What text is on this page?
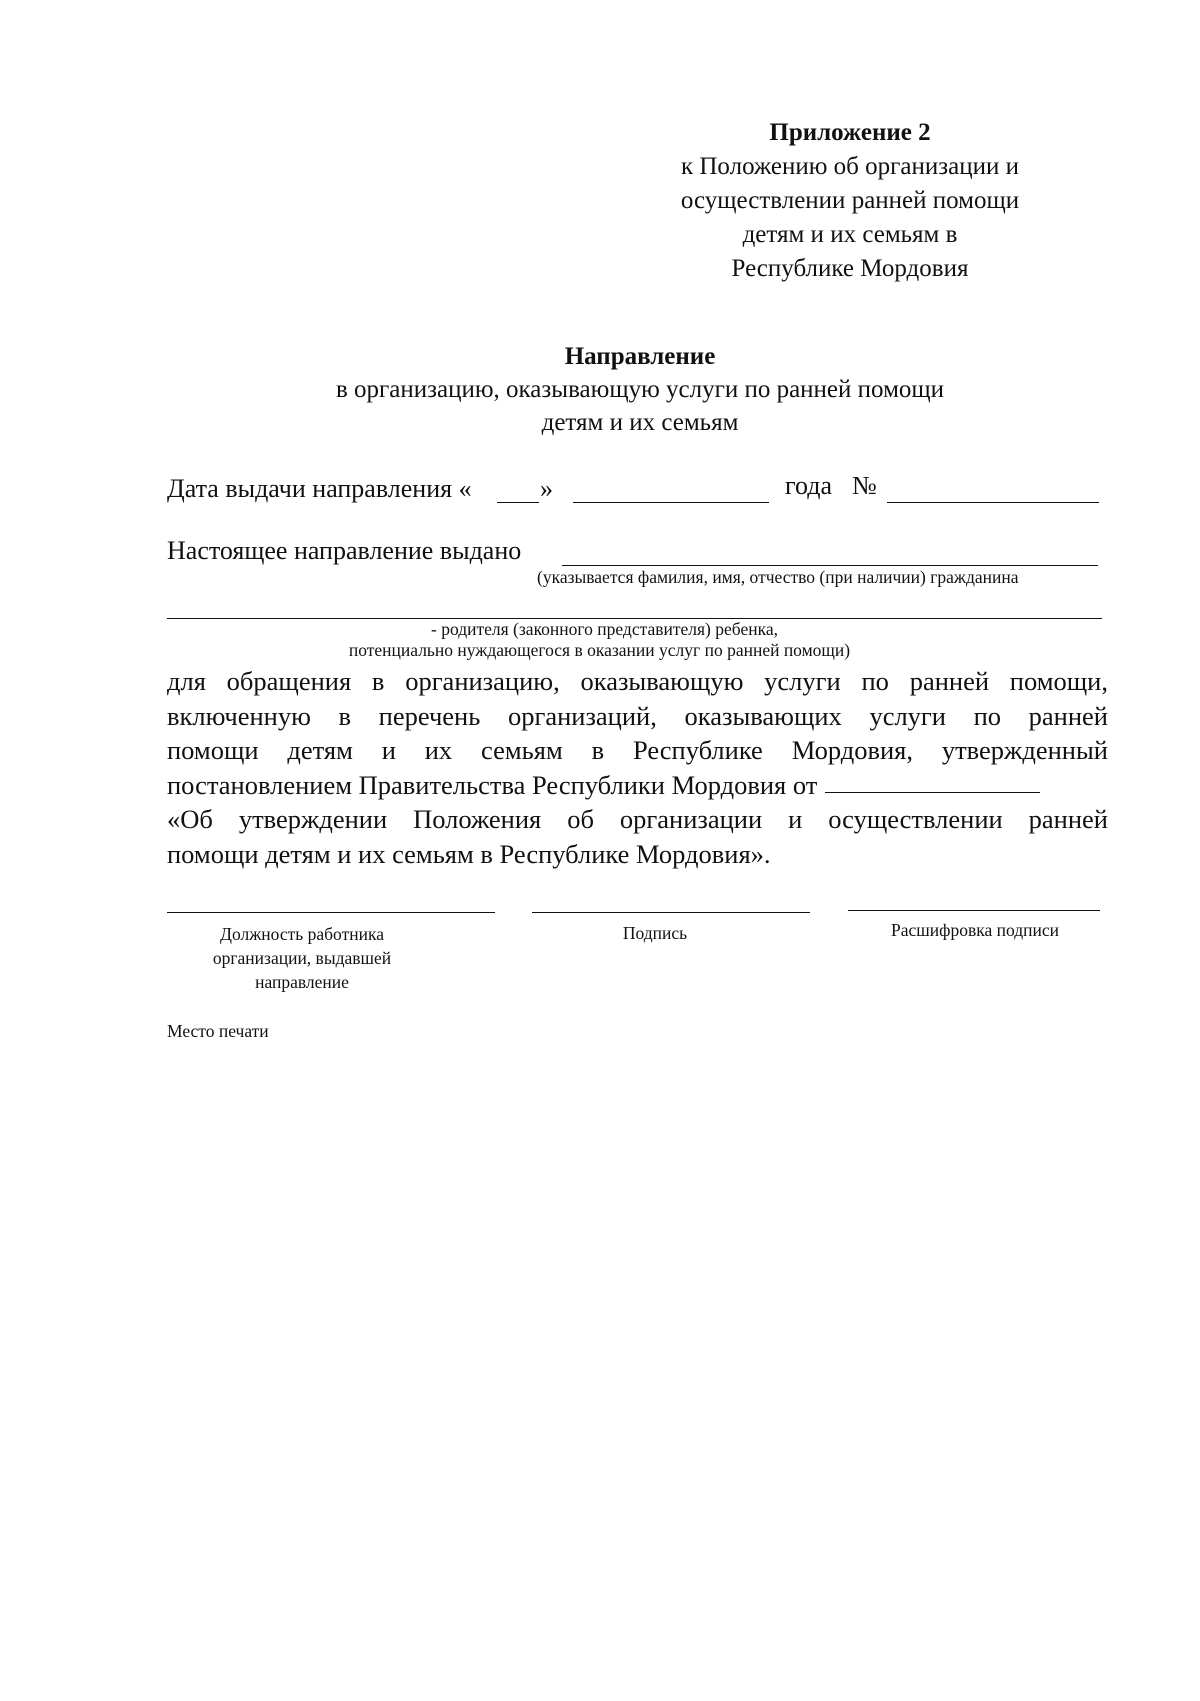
Приложение 2
к Положению об организации и
осуществлении ранней помощи
детям и их семьям в
Республике Мордовия
Направление
в организацию, оказывающую услуги по ранней помощи
детям и их семьям
Дата выдачи направления «	»	года №
Настоящее направление выдано
(указывается фамилия, имя, отчество (при наличии) гражданина
- родителя (законного представителя) ребенка,
потенциально нуждающегося в оказании услуг по ранней помощи)
для обращения в организацию, оказывающую услуги по ранней помощи,
включенную в перечень организаций, оказывающих услуги по ранней
помощи детям и их семьям в Республике Мордовия, утвержденный
постановлением Правительства Республики Мордовия от
«Об утверждении Положения об организации и осуществлении ранней
помощи детям и их семьям в Республике Мордовия».
Должность работника
организации, выдавшей
направление
Подпись	Расшифровка подписи
Место печати
